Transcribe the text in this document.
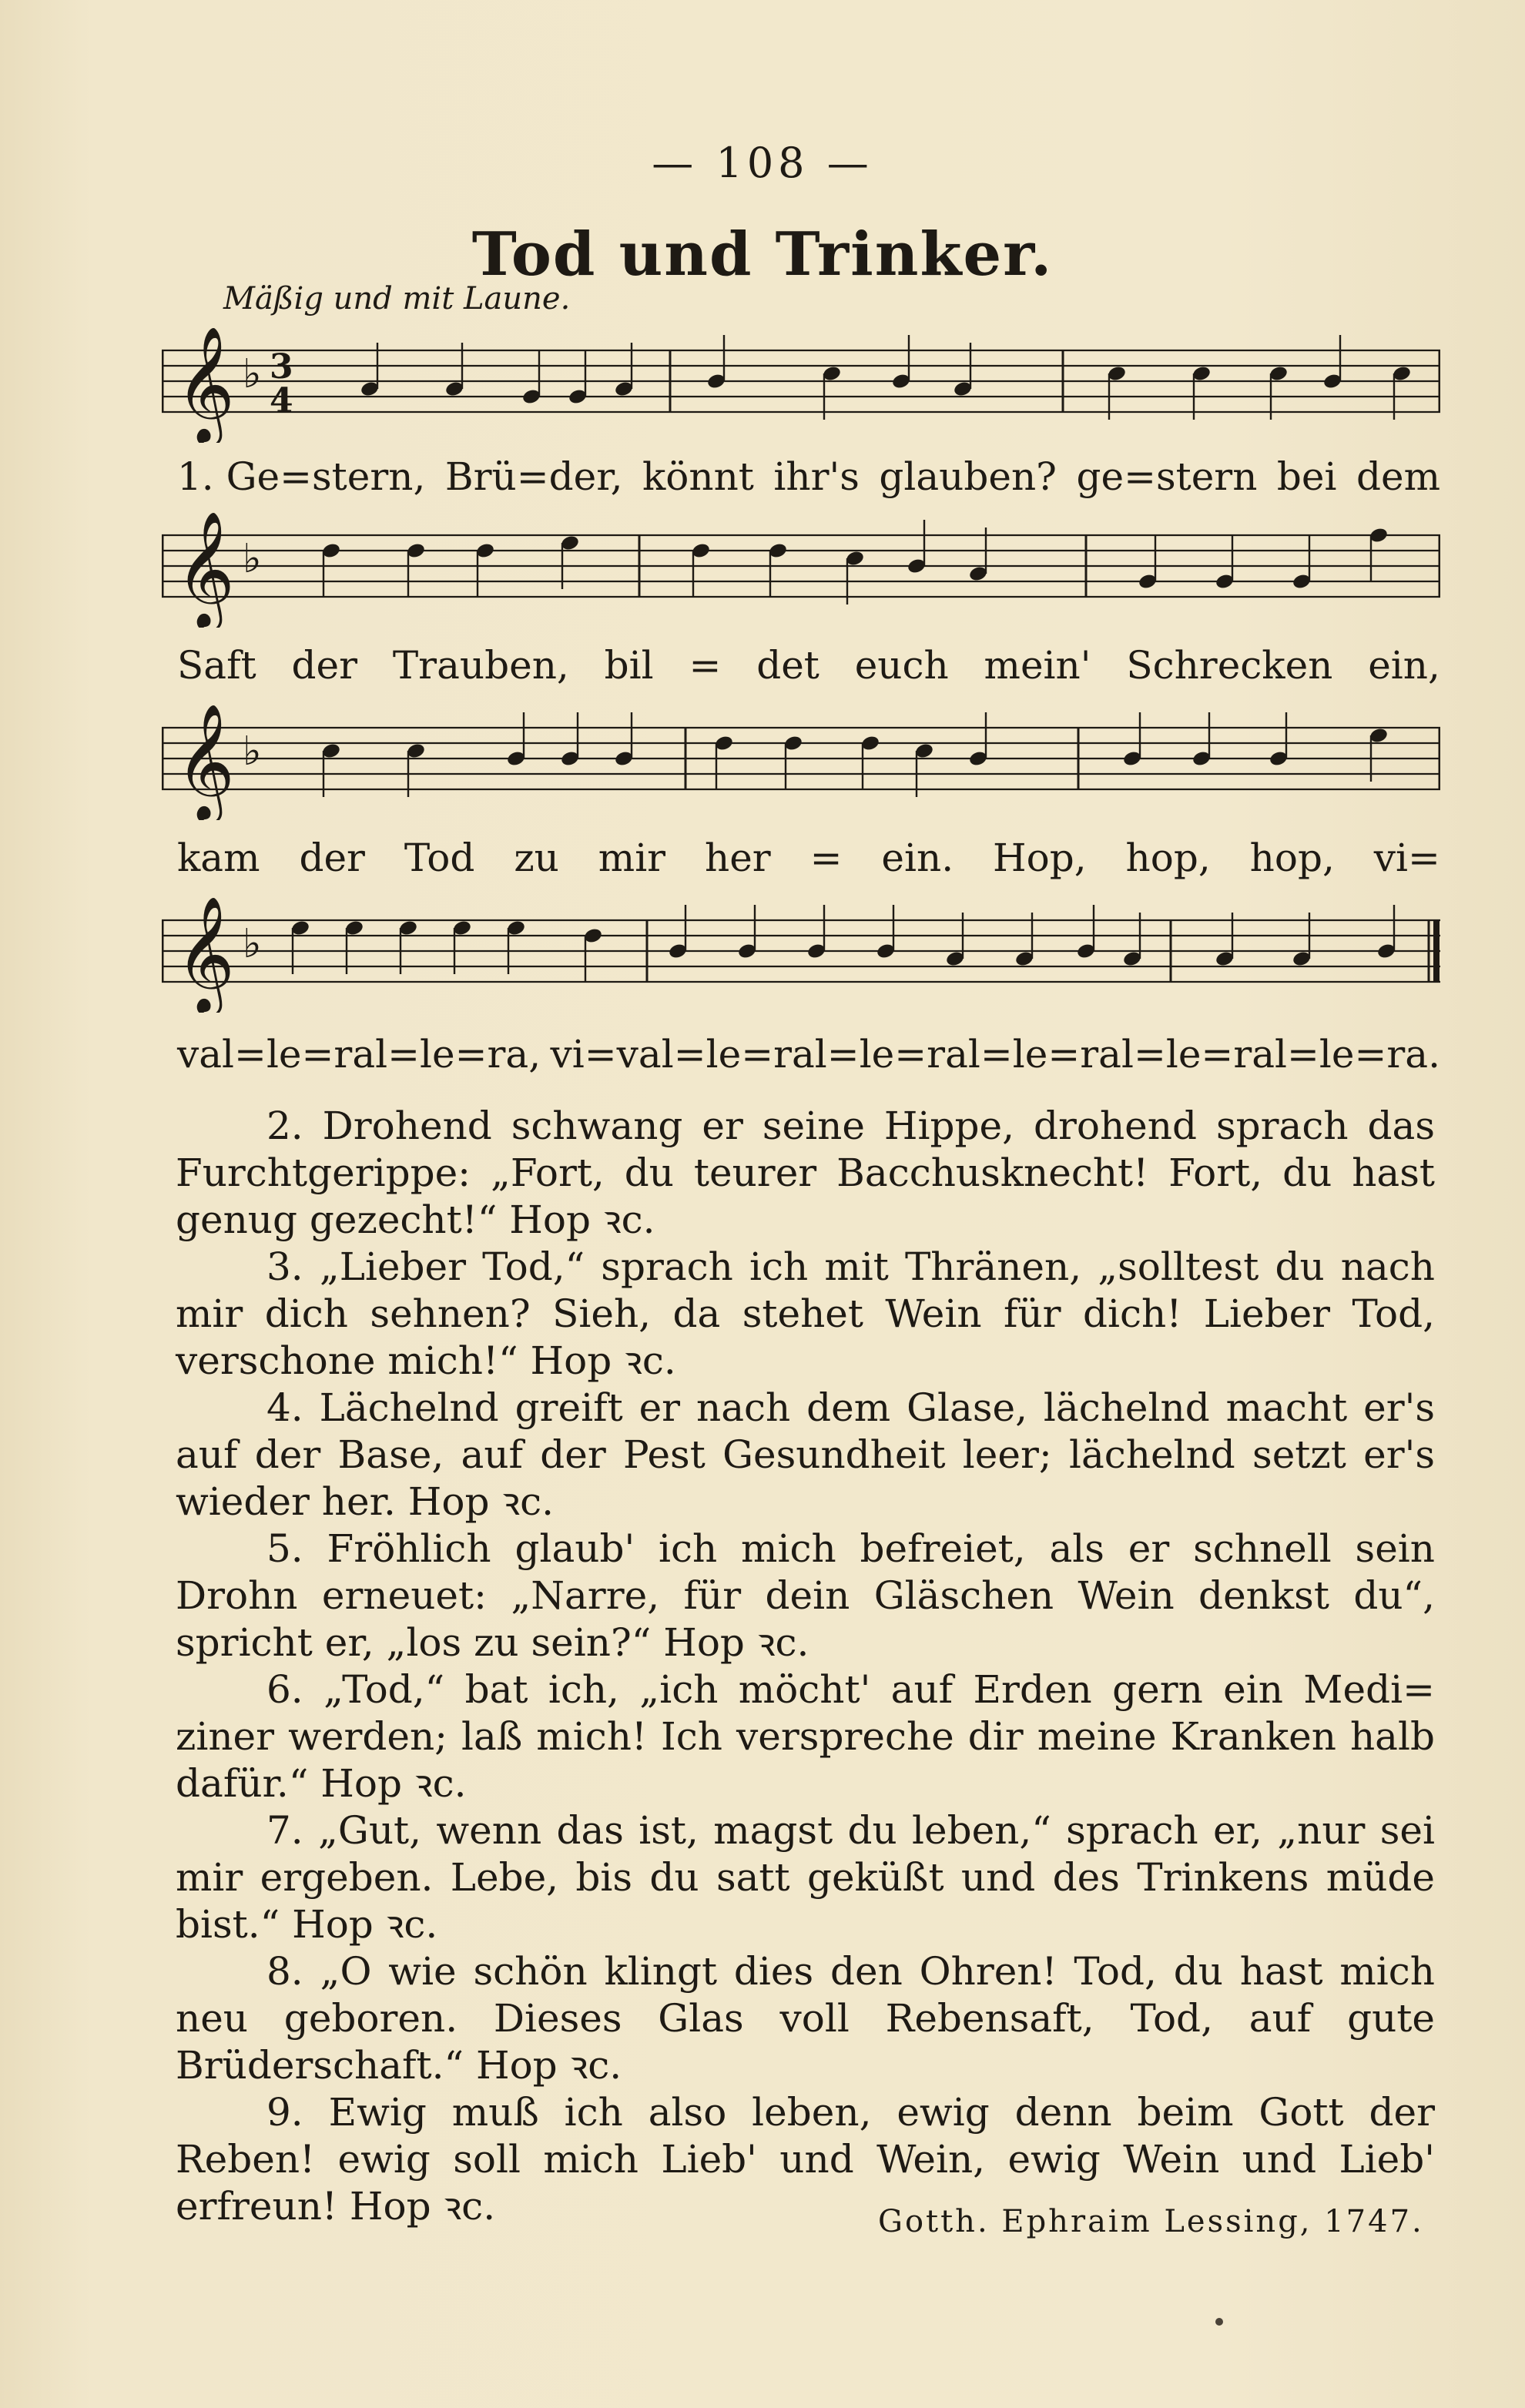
— 108 —
Tod und Trinker.
Mäßig und mit Laune.
𝄞 ♭ 3
4
1. Ge=stern, Brü=der, könnt ihr's glauben? ge=stern bei dem
𝄞 ♭
Saft der Trauben, bil = det euch mein' Schrecken ein,
𝄞 ♭
kam der Tod zu mir her = ein. Hop, hop, hop, vi=
𝄞 ♭
val=le=ral=le=ra, vi=val=le=ral=le=ral=le=ral=le=ral=le=ra.

2. Drohend schwang er seine Hippe, drohend sprach das Furchtgerippe: „Fort, du teurer Bacchusknecht! Fort, du hast genug gezecht!“ Hop ꝛc.

3. „Lieber Tod,“ sprach ich mit Thränen, „solltest du nach mir dich sehnen? Sieh, da stehet Wein für dich! Lieber Tod, verschone mich!“ Hop ꝛc.

4. Lächelnd greift er nach dem Glase, lächelnd macht er's auf der Base, auf der Pest Gesundheit leer; lächelnd setzt er's wieder her. Hop ꝛc.

5. Fröhlich glaub' ich mich befreiet, als er schnell sein Drohn erneuet: „Narre, für dein Gläschen Wein denkst du“, spricht er, „los zu sein?“ Hop ꝛc.

6. „Tod,“ bat ich, „ich möcht' auf Erden gern ein Medi= ziner werden; laß mich! Ich verspreche dir meine Kranken halb dafür.“ Hop ꝛc.

7. „Gut, wenn das ist, magst du leben,“ sprach er, „nur sei mir ergeben. Lebe, bis du satt geküßt und des Trinkens müde bist.“ Hop ꝛc.

8. „O wie schön klingt dies den Ohren! Tod, du hast mich neu geboren. Dieses Glas voll Rebensaft, Tod, auf gute Brüderschaft.“ Hop ꝛc.

9. Ewig muß ich also leben, ewig denn beim Gott der Reben! ewig soll mich Lieb' und Wein, ewig Wein und Lieb' erfreun! Hop ꝛc.	Gotth. Ephraim Lessing, 1747.
